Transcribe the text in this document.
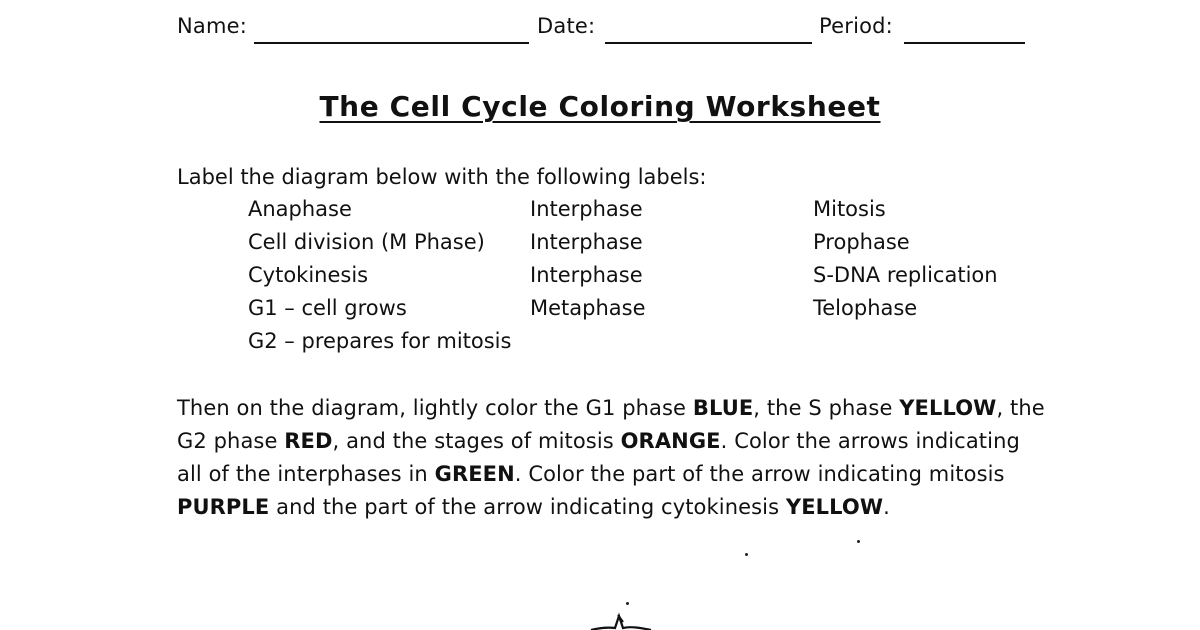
Name:	Date:	Period:
The Cell Cycle Coloring Worksheet
Label the diagram below with the following labels:
Anaphase
Cell division (M Phase)
Cytokinesis
G1 – cell grows
G2 – prepares for mitosis
Interphase
Interphase
Interphase
Metaphase
Mitosis
Prophase
S-DNA replication
Telophase
Then on the diagram, lightly color the G1 phase BLUE, the S phase YELLOW, the G2 phase RED, and the stages of mitosis ORANGE. Color the arrows indicating all of the interphases in GREEN. Color the part of the arrow indicating mitosis PURPLE and the part of the arrow indicating cytokinesis YELLOW.
